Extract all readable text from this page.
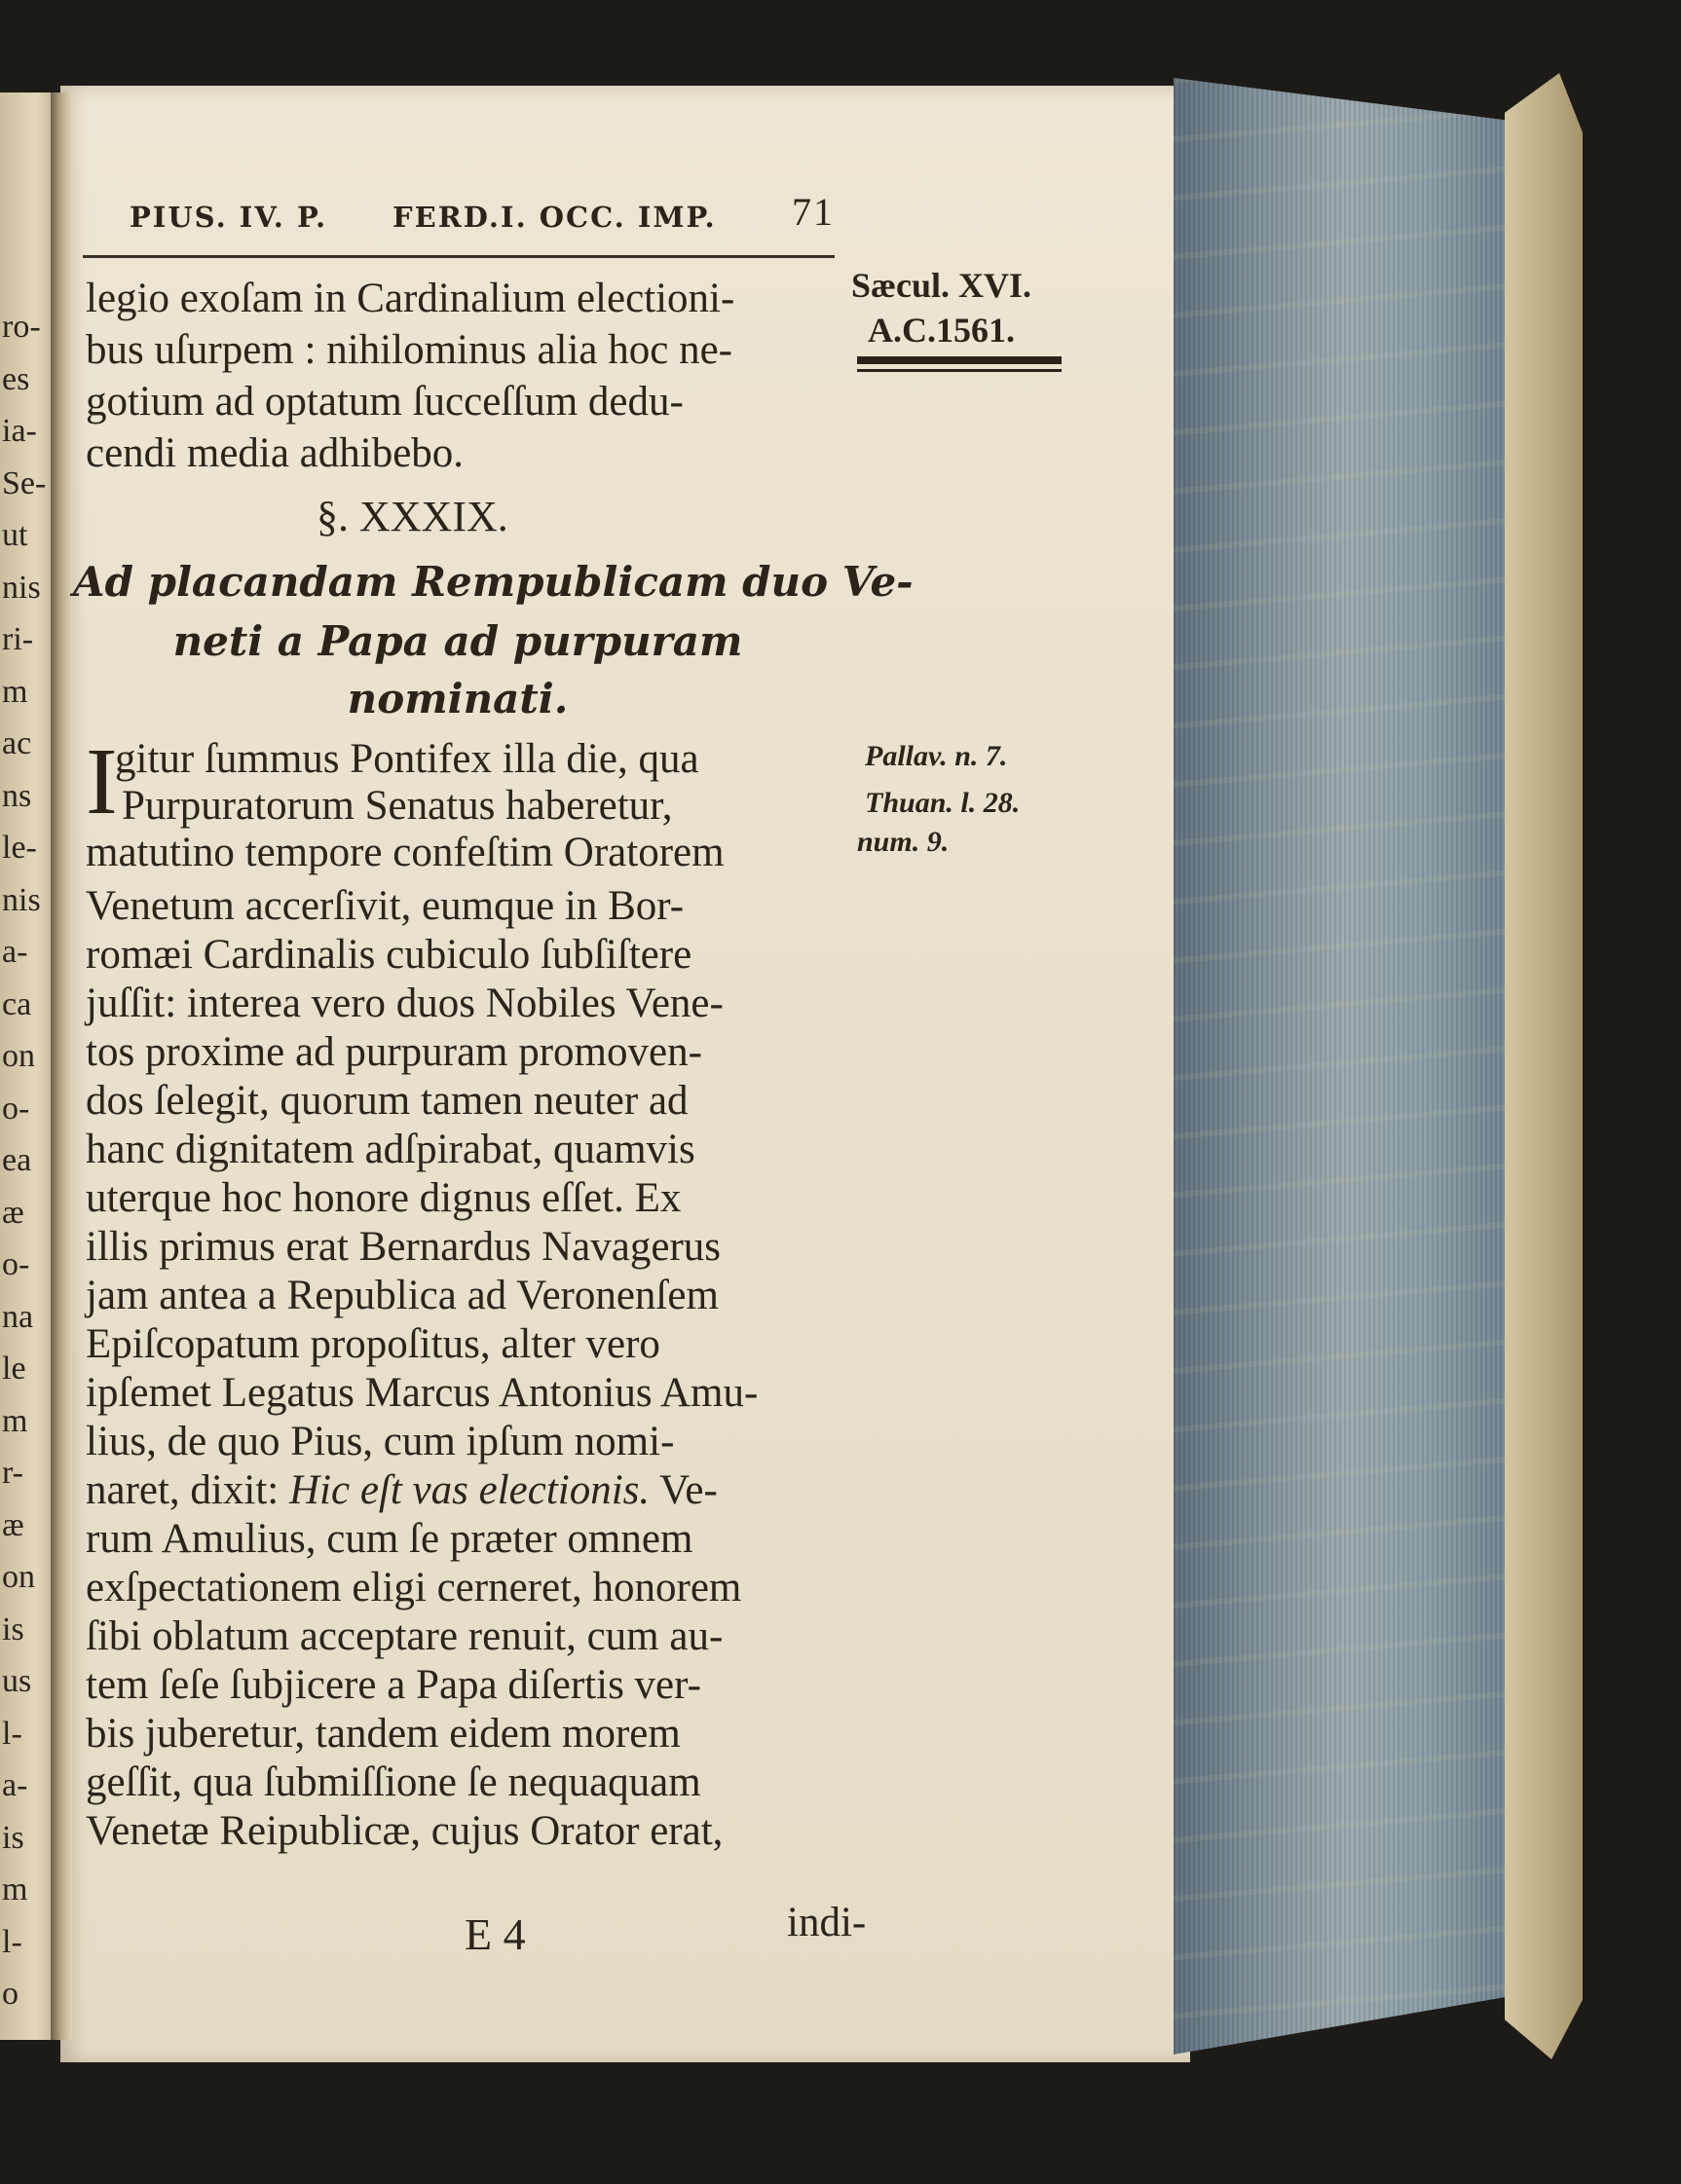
ro-
es
ia-
Se-
ut
nis
ri-
m
ac
ns
le-
nis
a-
ca
on
o-
ea
æ
o-
na
le
m
r-
æ
on
is
us
l-
a-
is
m
l-
o
PIUS. IV. P. FERD.I. OCC. IMP. 71
Sæcul. XVI.
A.C.1561.
legio exoſam in Cardinalium electioni-
bus uſurpem : nihilominus alia hoc ne-
gotium ad optatum ſucceſſum dedu-
cendi media adhibebo.
§. XXXIX.
Ad placandam Rempublicam duo Ve-
neti a Papa ad purpuram
nominati.
I
gitur ſummus Pontifex illa die, qua
Purpuratorum Senatus haberetur,
matutino tempore confeſtim Oratorem
Venetum accerſivit, eumque in Bor-
romæi Cardinalis cubiculo ſubſiſtere
juſſit: interea vero duos Nobiles Vene-
tos proxime ad purpuram promoven-
dos ſelegit, quorum tamen neuter ad
hanc dignitatem adſpirabat, quamvis
uterque hoc honore dignus eſſet. Ex
illis primus erat Bernardus Navagerus
jam antea a Republica ad Veronenſem
Epiſcopatum propoſitus, alter vero
ipſemet Legatus Marcus Antonius Amu-
lius, de quo Pius, cum ipſum nomi-
naret, dixit: Hic eſt vas electionis. Ve-
rum Amulius, cum ſe præter omnem
exſpectationem eligi cerneret, honorem
ſibi oblatum acceptare renuit, cum au-
tem ſeſe ſubjicere a Papa diſertis ver-
bis juberetur, tandem eidem morem
geſſit, qua ſubmiſſione ſe nequaquam
Venetæ Reipublicæ, cujus Orator erat,
Pallav. n. 7.
Thuan. l. 28.
num. 9.
E 4	indi-
